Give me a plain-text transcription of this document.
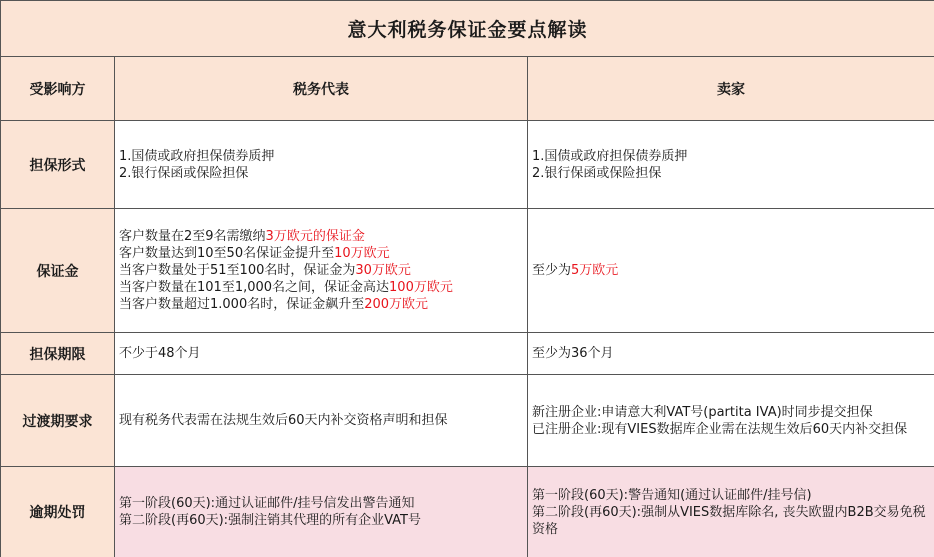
意大利税务保证金要点解读		
受影响方	税务代表	卖家
担保形式	1.国债或政府担保债券质押
2.银行保函或保险担保	1.国债或政府担保债券质押
2.银行保函或保险担保

保证金	客户数量在2至9名需缴纳3万欧元的保证金
客户数量达到10至50名保证金提升至10万欧元
当客户数量处于51至100名时，保证金为30万欧元
当客户数量在101至1,000名之间，保证金高达100万欧元
当客户数量超过1.000名时，保证金飙升至200万欧元	至少为5万欧元

担保期限	不少于48个月	至少为36个月
过渡期要求	现有税务代表需在法规生效后60天内补交资格声明和担保	新注册企业:申请意大利VAT号(partita IVA)时同步提交担保
已注册企业:现有VIES数据库企业需在法规生效后60天内补交担保

逾期处罚	第一阶段(60天):通过认证邮件/挂号信发出警告通知
第二阶段(再60天):强制注销其代理的所有企业VAT号	第一阶段(60天):警告通知(通过认证邮件/挂号信)
第二阶段(再60天):强制从VIES数据库除名, 丧失欧盟内B2B交易免税资格
